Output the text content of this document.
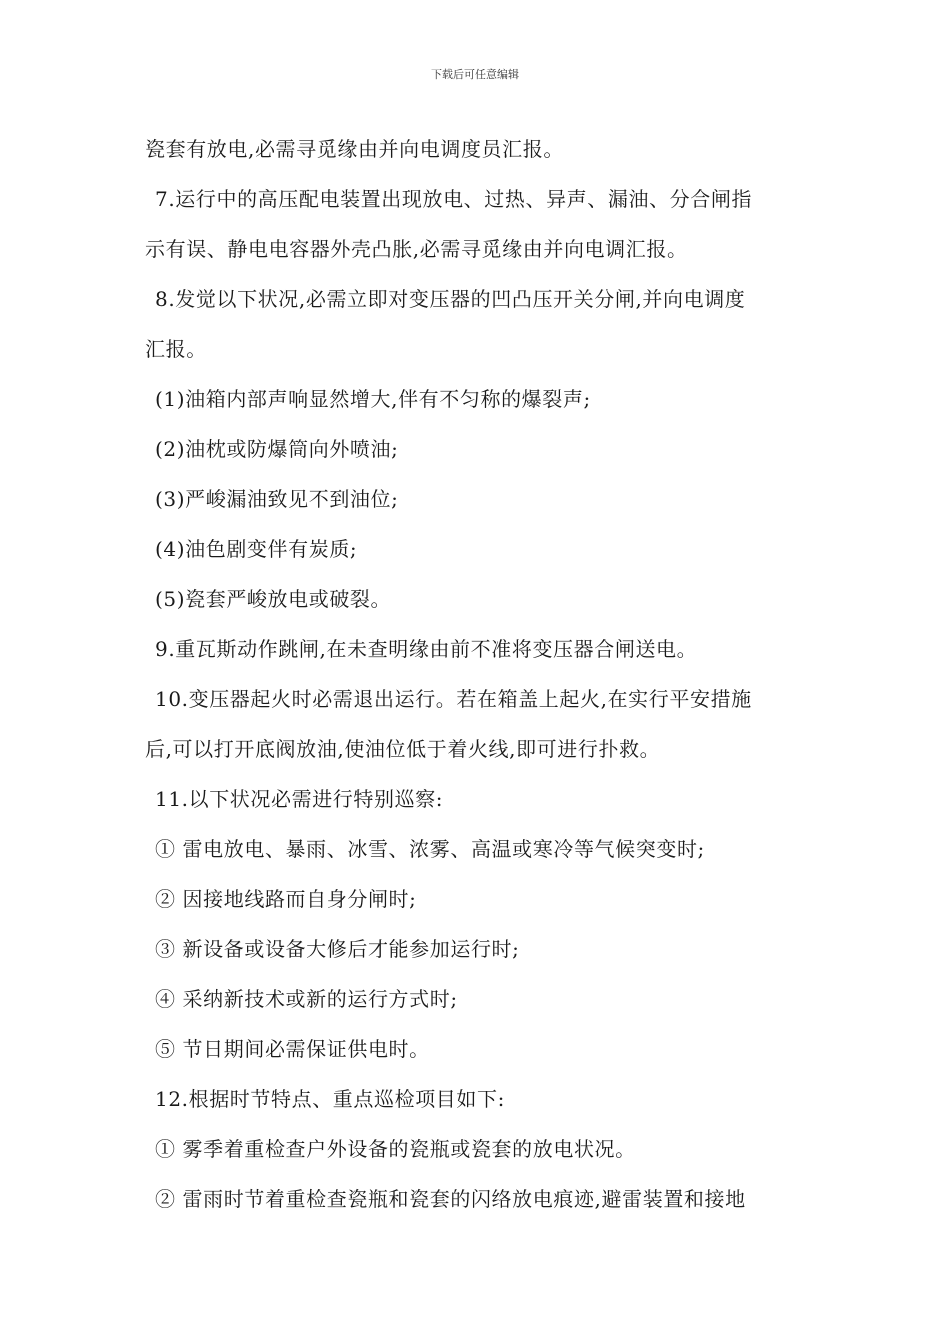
下载后可任意编辑
瓷套有放电,必需寻觅缘由并向电调度员汇报。
7.运行中的高压配电装置出现放电、过热、异声、漏油、分合闸指
示有误、静电电容器外壳凸胀,必需寻觅缘由并向电调汇报。
8.发觉以下状况,必需立即对变压器的凹凸压开关分闸,并向电调度
汇报。
(1)油箱内部声响显然增大,伴有不匀称的爆裂声;
(2)油枕或防爆筒向外喷油;
(3)严峻漏油致见不到油位;
(4)油色剧变伴有炭质;
(5)瓷套严峻放电或破裂。
9.重瓦斯动作跳闸,在未查明缘由前不准将变压器合闸送电。
10.变压器起火时必需退出运行。若在箱盖上起火,在实行平安措施
后,可以打开底阀放油,使油位低于着火线,即可进行扑救。
11.以下状况必需进行特别巡察:
① 雷电放电、暴雨、冰雪、浓雾、高温或寒冷等气候突变时;
② 因接地线路而自身分闸时;
③ 新设备或设备大修后才能参加运行时;
④ 采纳新技术或新的运行方式时;
⑤ 节日期间必需保证供电时。
12.根据时节特点、重点巡检项目如下:
① 雾季着重检查户外设备的瓷瓶或瓷套的放电状况。
② 雷雨时节着重检查瓷瓶和瓷套的闪络放电痕迹,避雷装置和接地
